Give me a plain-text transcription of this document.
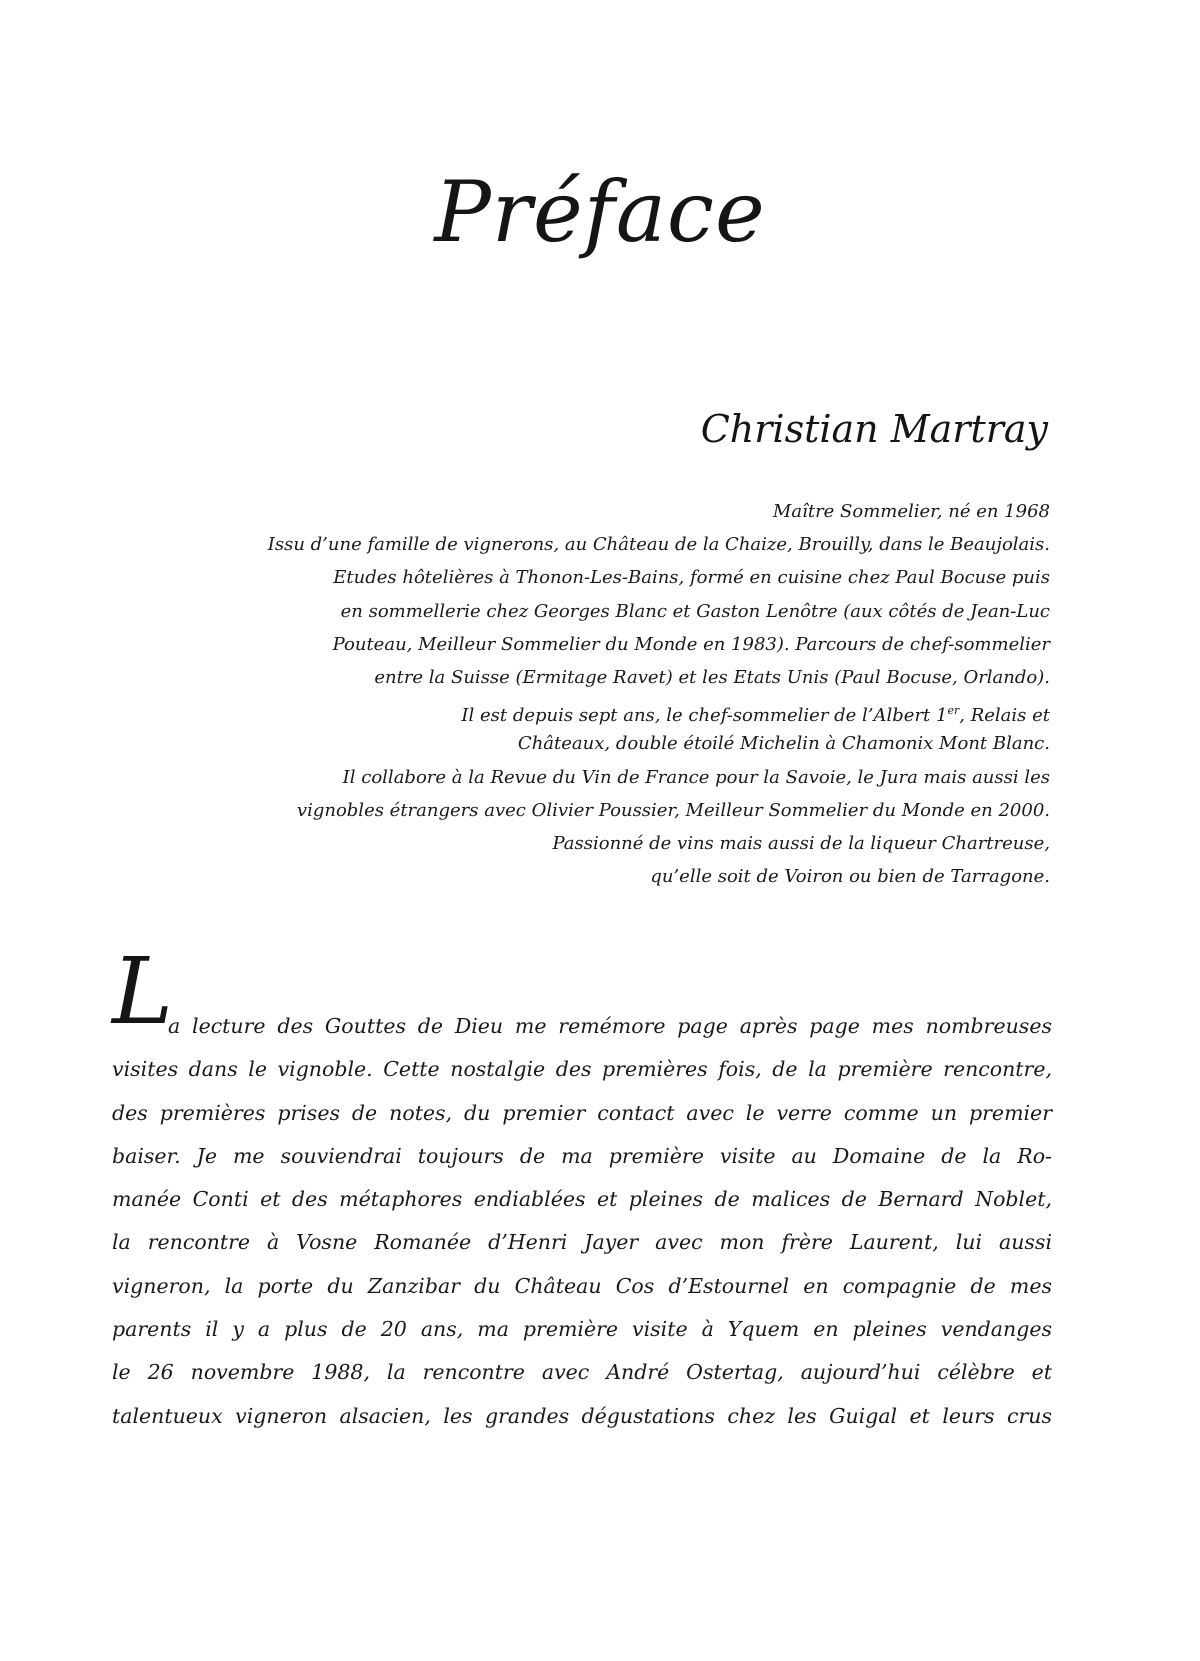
Préface
Christian Martray
Maître Sommelier, né en 1968
Issu d’une famille de vignerons, au Château de la Chaize, Brouilly, dans le Beaujolais.
Etudes hôtelières à Thonon-Les-Bains, formé en cuisine chez Paul Bocuse puis
en sommellerie chez Georges Blanc et Gaston Lenôtre (aux côtés de Jean-Luc
Pouteau, Meilleur Sommelier du Monde en 1983). Parcours de chef-sommelier
entre la Suisse (Ermitage Ravet) et les Etats Unis (Paul Bocuse, Orlando).
Il est depuis sept ans, le chef-sommelier de l’Albert 1er, Relais et
Châteaux, double étoilé Michelin à Chamonix Mont Blanc.
Il collabore à la Revue du Vin de France pour la Savoie, le Jura mais aussi les
vignobles étrangers avec Olivier Poussier, Meilleur Sommelier du Monde en 2000.
Passionné de vins mais aussi de la liqueur Chartreuse,
qu’elle soit de Voiron ou bien de Tarragone.
L
a lecture des Gouttes de Dieu me remémore page après page mes nombreuses
visites dans le vignoble. Cette nostalgie des premières fois, de la première rencontre,
des premières prises de notes, du premier contact avec le verre comme un premier
baiser. Je me souviendrai toujours de ma première visite au Domaine de la Ro-
manée Conti et des métaphores endiablées et pleines de malices de Bernard Noblet,
la rencontre à Vosne Romanée d’Henri Jayer avec mon frère Laurent, lui aussi
vigneron, la porte du Zanzibar du Château Cos d’Estournel en compagnie de mes
parents il y a plus de 20 ans, ma première visite à Yquem en pleines vendanges
le 26 novembre 1988, la rencontre avec André Ostertag, aujourd’hui célèbre et
talentueux vigneron alsacien, les grandes dégustations chez les Guigal et leurs crus
